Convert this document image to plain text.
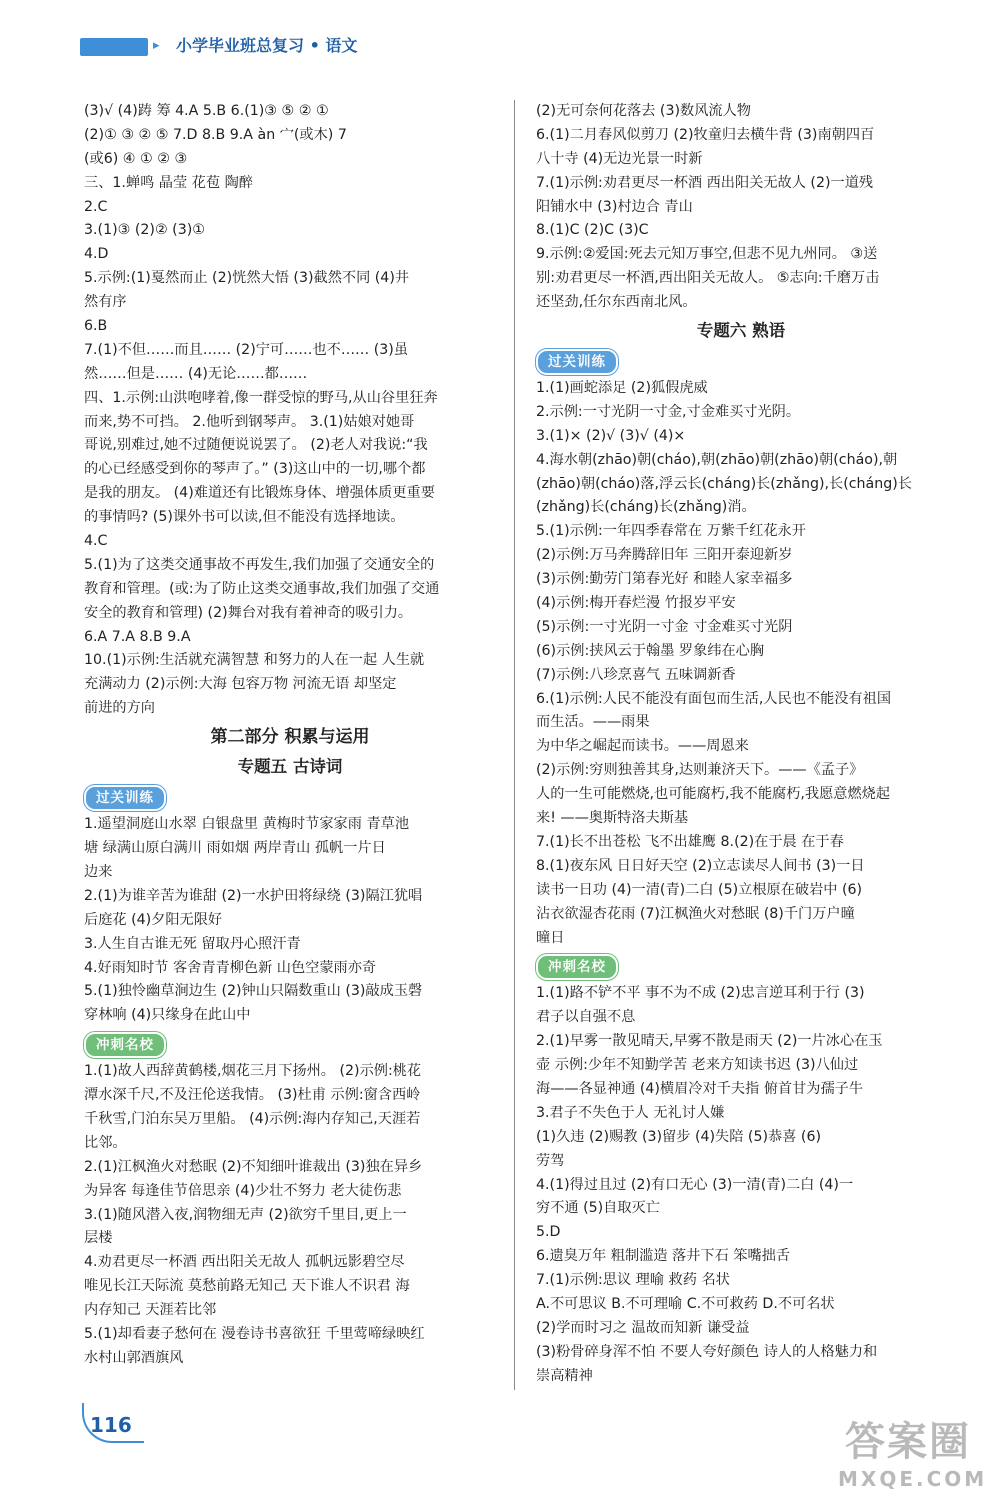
▸ 小学毕业班总复习 • 语文
(3)√ (4)踌 筹 4.A 5.B 6.(1)③ ⑤ ② ①
(2)① ③ ② ⑤ 7.D 8.B 9.A àn 宀(或木) 7
(或6) ④ ① ② ③
三、1.蝉鸣 晶莹 花苞 陶醉
2.C
3.(1)③ (2)② (3)①
4.D
5.示例:(1)戛然而止 (2)恍然大悟 (3)截然不同 (4)井
然有序
6.B
7.(1)不但……而且…… (2)宁可……也不…… (3)虽
然……但是…… (4)无论……都……
四、1.示例:山洪咆哮着,像一群受惊的野马,从山谷里狂奔
而来,势不可挡。 2.他听到钢琴声。 3.(1)姑娘对她哥
哥说,别难过,她不过随便说说罢了。 (2)老人对我说:“我
的心已经感受到你的琴声了。” (3)这山中的一切,哪个都
是我的朋友。 (4)难道还有比锻炼身体、增强体质更重要
的事情吗? (5)课外书可以读,但不能没有选择地读。
4.C
5.(1)为了这类交通事故不再发生,我们加强了交通安全的
教育和管理。(或:为了防止这类交通事故,我们加强了交通
安全的教育和管理) (2)舞台对我有着神奇的吸引力。
6.A 7.A 8.B 9.A
10.(1)示例:生活就充满智慧 和努力的人在一起 人生就
充满动力 (2)示例:大海 包容万物 河流无语 却坚定
前进的方向
第二部分 积累与运用
专题五 古诗词
过关训练
1.遥望洞庭山水翠 白银盘里 黄梅时节家家雨 青草池
塘 绿满山原白满川 雨如烟 两岸青山 孤帆一片日
边来
2.(1)为谁辛苦为谁甜 (2)一水护田将绿绕 (3)隔江犹唱
后庭花 (4)夕阳无限好
3.人生自古谁无死 留取丹心照汗青
4.好雨知时节 客舍青青柳色新 山色空蒙雨亦奇
5.(1)独怜幽草涧边生 (2)钟山只隔数重山 (3)敲成玉磬
穿林响 (4)只缘身在此山中
冲刺名校
1.(1)故人西辞黄鹤楼,烟花三月下扬州。 (2)示例:桃花
潭水深千尺,不及汪伦送我情。 (3)杜甫 示例:窗含西岭
千秋雪,门泊东吴万里船。 (4)示例:海内存知己,天涯若
比邻。
2.(1)江枫渔火对愁眠 (2)不知细叶谁裁出 (3)独在异乡
为异客 每逢佳节倍思亲 (4)少壮不努力 老大徒伤悲
3.(1)随风潜入夜,润物细无声 (2)欲穷千里目,更上一
层楼
4.劝君更尽一杯酒 西出阳关无故人 孤帆远影碧空尽
唯见长江天际流 莫愁前路无知己 天下谁人不识君 海
内存知己 天涯若比邻
5.(1)却看妻子愁何在 漫卷诗书喜欲狂 千里莺啼绿映红
水村山郭酒旗风
(2)无可奈何花落去 (3)数风流人物
6.(1)二月春风似剪刀 (2)牧童归去横牛背 (3)南朝四百
八十寺 (4)无边光景一时新
7.(1)示例:劝君更尽一杯酒 西出阳关无故人 (2)一道残
阳铺水中 (3)村边合 青山
8.(1)C (2)C (3)C
9.示例:②爱国:死去元知万事空,但悲不见九州同。 ③送
别:劝君更尽一杯酒,西出阳关无故人。 ⑤志向:千磨万击
还坚劲,任尔东西南北风。
专题六 熟语
过关训练
1.(1)画蛇添足 (2)狐假虎威
2.示例:一寸光阴一寸金,寸金难买寸光阴。
3.(1)× (2)√ (3)√ (4)×
4.海水朝(zhāo)朝(cháo),朝(zhāo)朝(zhāo)朝(cháo),朝
(zhāo)朝(cháo)落,浮云长(cháng)长(zhǎng),长(cháng)长
(zhǎng)长(cháng)长(zhǎng)消。
5.(1)示例:一年四季春常在 万紫千红花永开
(2)示例:万马奔腾辞旧年 三阳开泰迎新岁
(3)示例:勤劳门第春光好 和睦人家幸福多
(4)示例:梅开春烂漫 竹报岁平安
(5)示例:一寸光阴一寸金 寸金难买寸光阴
(6)示例:挟风云于翰墨 罗象纬在心胸
(7)示例:八珍烹喜气 五味调新香
6.(1)示例:人民不能没有面包而生活,人民也不能没有祖国
而生活。——雨果
为中华之崛起而读书。——周恩来
(2)示例:穷则独善其身,达则兼济天下。——《孟子》
人的一生可能燃烧,也可能腐朽,我不能腐朽,我愿意燃烧起
来! ——奥斯特洛夫斯基
7.(1)长不出苍松 飞不出雄鹰 8.(2)在于晨 在于春
8.(1)夜东风 日日好天空 (2)立志读尽人间书 (3)一日
读书一日功 (4)一清(青)二白 (5)立根原在破岩中 (6)
沾衣欲湿杏花雨 (7)江枫渔火对愁眠 (8)千门万户曈
曈日
冲刺名校
1.(1)路不铲不平 事不为不成 (2)忠言逆耳利于行 (3)
君子以自强不息
2.(1)早雾一散见晴天,早雾不散是雨天 (2)一片冰心在玉
壶 示例:少年不知勤学苦 老来方知读书迟 (3)八仙过
海——各显神通 (4)横眉冷对千夫指 俯首甘为孺子牛
3.君子不失色于人 无礼讨人嫌
(1)久违 (2)赐教 (3)留步 (4)失陪 (5)恭喜 (6)
劳驾
4.(1)得过且过 (2)有口无心 (3)一清(青)二白 (4)一
穷不通 (5)自取灭亡
5.D
6.遗臭万年 粗制滥造 落井下石 笨嘴拙舌
7.(1)示例:思议 理喻 救药 名状
A.不可思议 B.不可理喻 C.不可救药 D.不可名状
(2)学而时习之 温故而知新 谦受益
(3)粉骨碎身浑不怕 不要人夸好颜色 诗人的人格魅力和
崇高精神
116	答案圈
MXQE.COM
